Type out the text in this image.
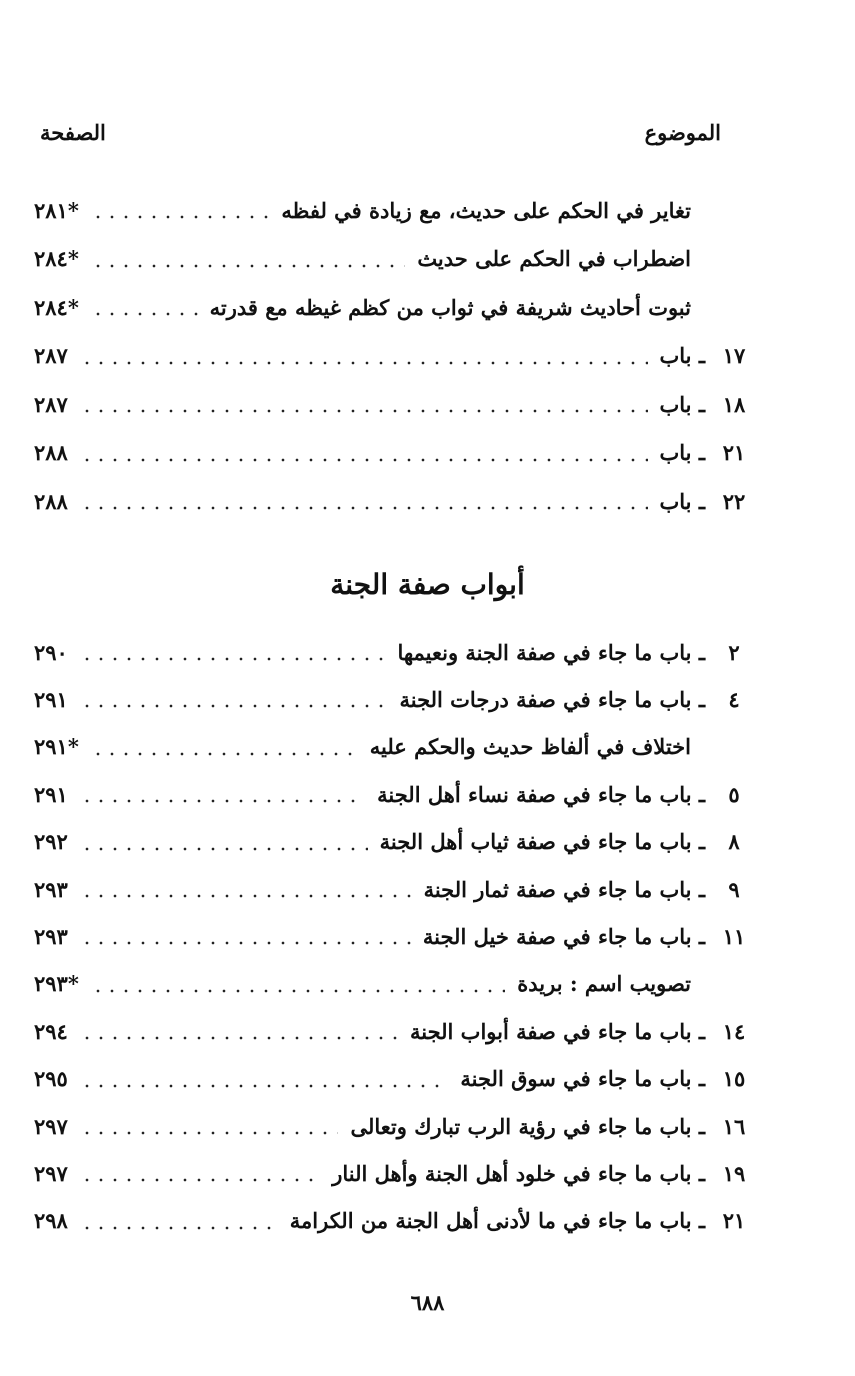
الموضوع
الصفحة
تغاير في الحكم على حديث، مع زيادة في لفظه
٢٨١*
اضطراب في الحكم على حديث
٢٨٤*
ثبوت أحاديث شريفة في ثواب من كظم غيظه مع قدرته
٢٨٤*
١٧
ـ باب
٢٨٧
١٨
ـ باب
٢٨٧
٢١
ـ باب
٢٨٨
٢٢
ـ باب
٢٨٨
أبواب صفة الجنة
٢
ـ باب ما جاء في صفة الجنة ونعيمها
٢٩٠
٤
ـ باب ما جاء في صفة درجات الجنة
٢٩١
اختلاف في ألفاظ حديث والحكم عليه
٢٩١*
٥
ـ باب ما جاء في صفة نساء أهل الجنة
٢٩١
٨
ـ باب ما جاء في صفة ثياب أهل الجنة
٢٩٢
٩
ـ باب ما جاء في صفة ثمار الجنة
٢٩٣
١١
ـ باب ما جاء في صفة خيل الجنة
٢٩٣
تصويب اسم : بريدة
٢٩٣*
١٤
ـ باب ما جاء في صفة أبواب الجنة
٢٩٤
١٥
ـ باب ما جاء في سوق الجنة
٢٩٥
١٦
ـ باب ما جاء في رؤية الرب تبارك وتعالى
٢٩٧
١٩
ـ باب ما جاء في خلود أهل الجنة وأهل النار
٢٩٧
٢١
ـ باب ما جاء في ما لأدنى أهل الجنة من الكرامة
٢٩٨
٦٨٨
